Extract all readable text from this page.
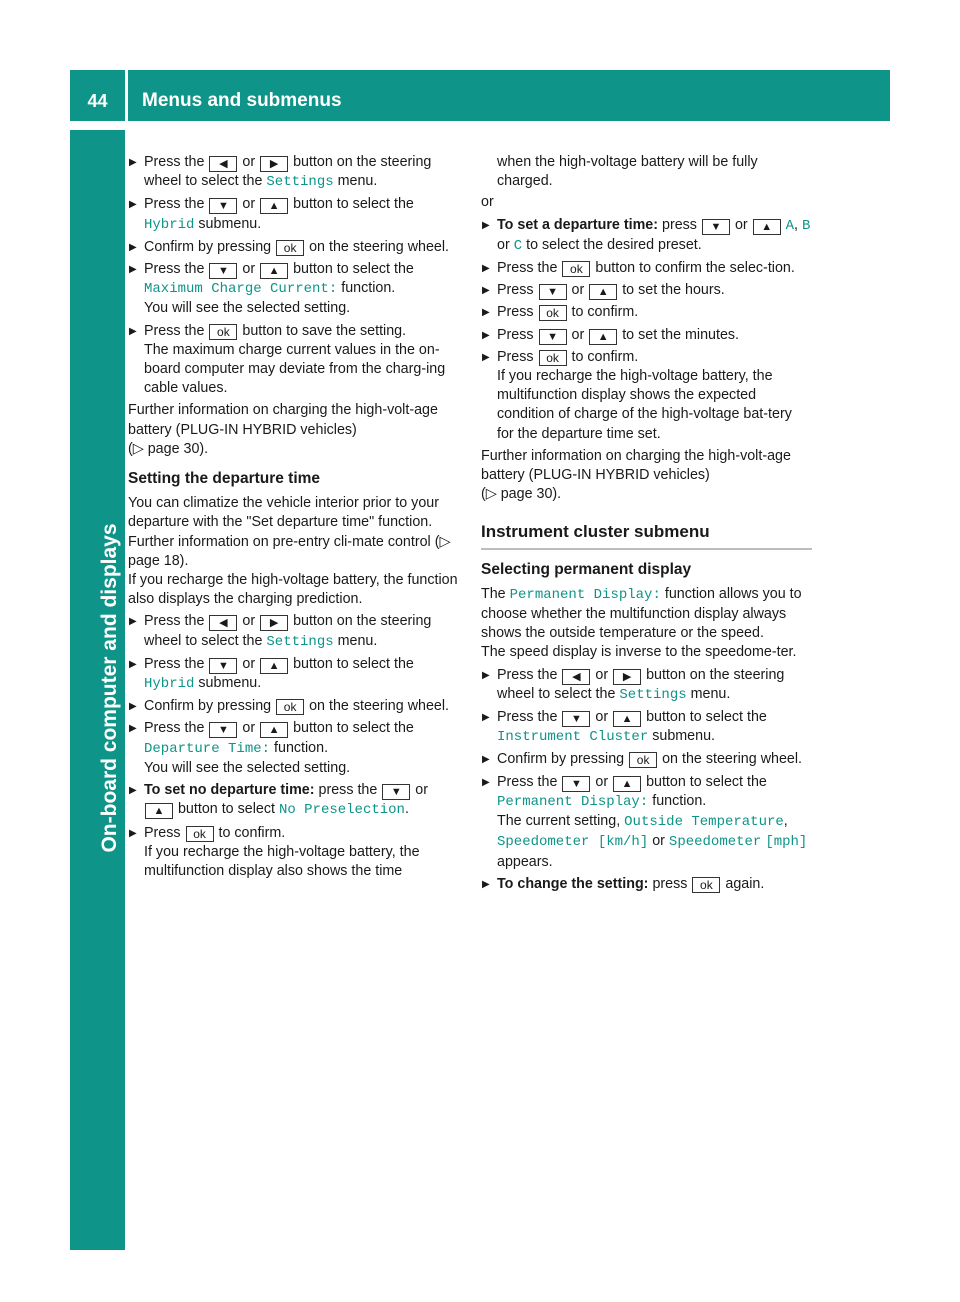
44	Menus and submenus
On-board computer and displays

▶ Press the ◀ or ▶ button on the steering wheel to select the Settings menu.

▶ Press the ▼ or ▲ button to select the Hybrid submenu.

▶ Confirm by pressing ok on the steering wheel.

▶ Press the ▼ or ▲ button to select the Maximum Charge Current: function.
You will see the selected setting.

▶ Press the ok button to save the setting.
The maximum charge current values in the on-board computer may deviate from the charg-ing cable values.

Further information on charging the high-volt-age battery (PLUG-IN HYBRID vehicles)
(▷ page 30).

Setting the departure time

You can climatize the vehicle interior prior to your departure with the "Set departure time" function. Further information on pre-entry cli-mate control (▷ page 18).

If you recharge the high-voltage battery, the function also displays the charging prediction.

▶ Press the ◀ or ▶ button on the steering wheel to select the Settings menu.

▶ Press the ▼ or ▲ button to select the Hybrid submenu.

▶ Confirm by pressing ok on the steering wheel.

▶ Press the ▼ or ▲ button to select the Departure Time: function.
You will see the selected setting.

▶ To set no departure time: press the ▼ or ▲ button to select No Preselection.

▶ Press ok to confirm.
If you recharge the high-voltage battery, the multifunction display also shows the time

when the high-voltage battery will be fully charged.

or

▶ To set a departure time: press ▼ or ▲ A, B or C to select the desired preset.

▶ Press the ok button to confirm the selec-tion.

▶ Press ▼ or ▲ to set the hours.

▶ Press ok to confirm.

▶ Press ▼ or ▲ to set the minutes.

▶ Press ok to confirm.
If you recharge the high-voltage battery, the multifunction display shows the expected condition of charge of the high-voltage bat-tery for the departure time set.

Further information on charging the high-volt-age battery (PLUG-IN HYBRID vehicles)
(▷ page 30).

Instrument cluster submenu

Selecting permanent display

The Permanent Display: function allows you to choose whether the multifunction display always shows the outside temperature or the speed.

The speed display is inverse to the speedome-ter.

▶ Press the ◀ or ▶ button on the steering wheel to select the Settings menu.

▶ Press the ▼ or ▲ button to select the Instrument Cluster submenu.

▶ Confirm by pressing ok on the steering wheel.

▶ Press the ▼ or ▲ button to select the Permanent Display: function.
The current setting, Outside Temperature, Speedometer [km/h] or Speedometer [mph] appears.

▶ To change the setting: press ok again.
